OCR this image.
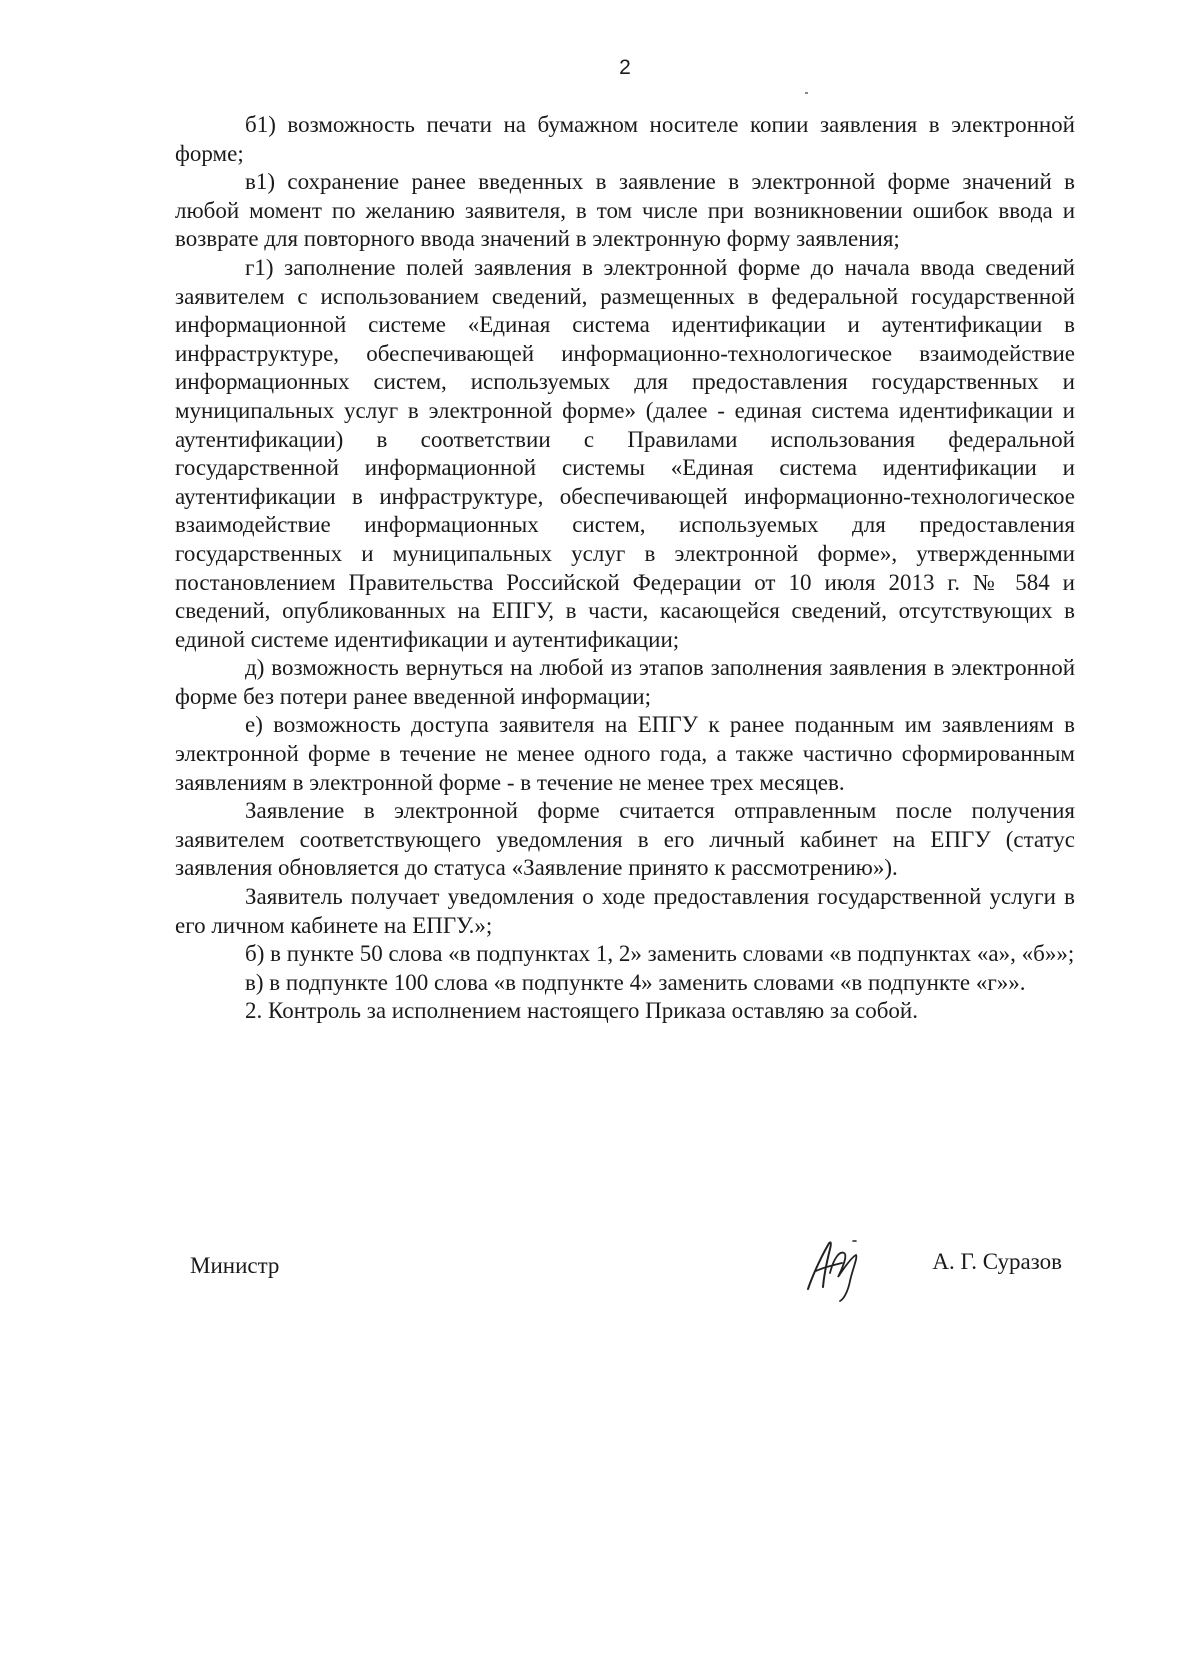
2

б1) возможность печати на бумажном носителе копии заявления в электронной форме;

в1) сохранение ранее введенных в заявление в электронной форме значений в любой момент по желанию заявителя, в том числе при возникновении ошибок ввода и возврате для повторного ввода значений в электронную форму заявления;

г1) заполнение полей заявления в электронной форме до начала ввода сведений заявителем с использованием сведений, размещенных в федеральной государственной информационной системе «Единая система идентификации и аутентификации в инфраструктуре, обеспечивающей информационно-технологическое взаимодействие информационных систем, используемых для предоставления государственных и муниципальных услуг в электронной форме» (далее - единая система идентификации и аутентификации) в соответствии с Правилами использования федеральной государственной информационной системы «Единая система идентификации и аутентификации в инфраструктуре, обеспечивающей информационно-технологическое взаимодействие информационных систем, используемых для предоставления государственных и муниципальных услуг в электронной форме», утвержденными постановлением Правительства Российской Федерации от 10 июля 2013 г. № 584 и сведений, опубликованных на ЕПГУ, в части, касающейся сведений, отсутствующих в единой системе идентификации и аутентификации;

д) возможность вернуться на любой из этапов заполнения заявления в электронной форме без потери ранее введенной информации;

е) возможность доступа заявителя на ЕПГУ к ранее поданным им заявлениям в электронной форме в течение не менее одного года, а также частично сформированным заявлениям в электронной форме - в течение не менее трех месяцев.

Заявление в электронной форме считается отправленным после получения заявителем соответствующего уведомления в его личный кабинет на ЕПГУ (статус заявления обновляется до статуса «Заявление принято к рассмотрению»).

Заявитель получает уведомления о ходе предоставления государственной услуги в его личном кабинете на ЕПГУ.»;

б) в пункте 50 слова «в подпунктах 1, 2» заменить словами «в подпунктах «а», «б»»;

в) в подпункте 100 слова «в подпункте 4» заменить словами «в подпункте «г»».

2. Контроль за исполнением настоящего Приказа оставляю за собой.

Министр	А. Г. Суразов
